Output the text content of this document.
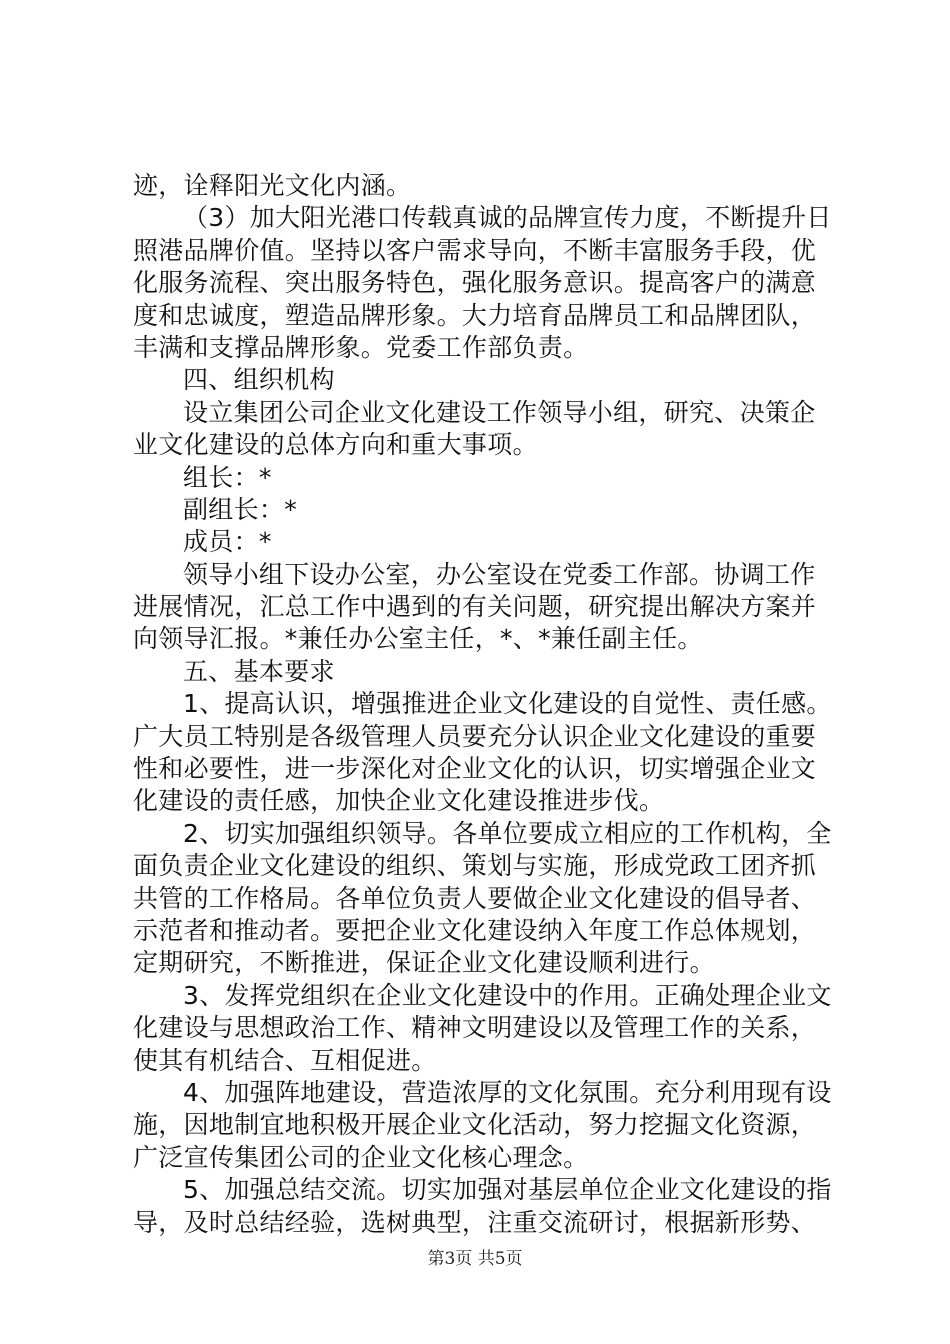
迹，诠释阳光文化内涵。
（3）加大阳光港口传载真诚的品牌宣传力度，不断提升日
照港品牌价值。坚持以客户需求导向，不断丰富服务手段，优
化服务流程、突出服务特色，强化服务意识。提高客户的满意
度和忠诚度，塑造品牌形象。大力培育品牌员工和品牌团队，
丰满和支撑品牌形象。党委工作部负责。
四、组织机构
设立集团公司企业文化建设工作领导小组，研究、决策企
业文化建设的总体方向和重大事项。
组长：*
副组长：*
成员：*
领导小组下设办公室，办公室设在党委工作部。协调工作
进展情况，汇总工作中遇到的有关问题，研究提出解决方案并
向领导汇报。*兼任办公室主任，*、*兼任副主任。
五、基本要求
1、提高认识，增强推进企业文化建设的自觉性、责任感。
广大员工特别是各级管理人员要充分认识企业文化建设的重要
性和必要性，进一步深化对企业文化的认识，切实增强企业文
化建设的责任感，加快企业文化建设推进步伐。
2、切实加强组织领导。各单位要成立相应的工作机构，全
面负责企业文化建设的组织、策划与实施，形成党政工团齐抓
共管的工作格局。各单位负责人要做企业文化建设的倡导者、
示范者和推动者。要把企业文化建设纳入年度工作总体规划，
定期研究，不断推进，保证企业文化建设顺利进行。
3、发挥党组织在企业文化建设中的作用。正确处理企业文
化建设与思想政治工作、精神文明建设以及管理工作的关系，
使其有机结合、互相促进。
4、加强阵地建设，营造浓厚的文化氛围。充分利用现有设
施，因地制宜地积极开展企业文化活动，努力挖掘文化资源，
广泛宣传集团公司的企业文化核心理念。
5、加强总结交流。切实加强对基层单位企业文化建设的指
导，及时总结经验，选树典型，注重交流研讨，根据新形势、
第3页 共5页
